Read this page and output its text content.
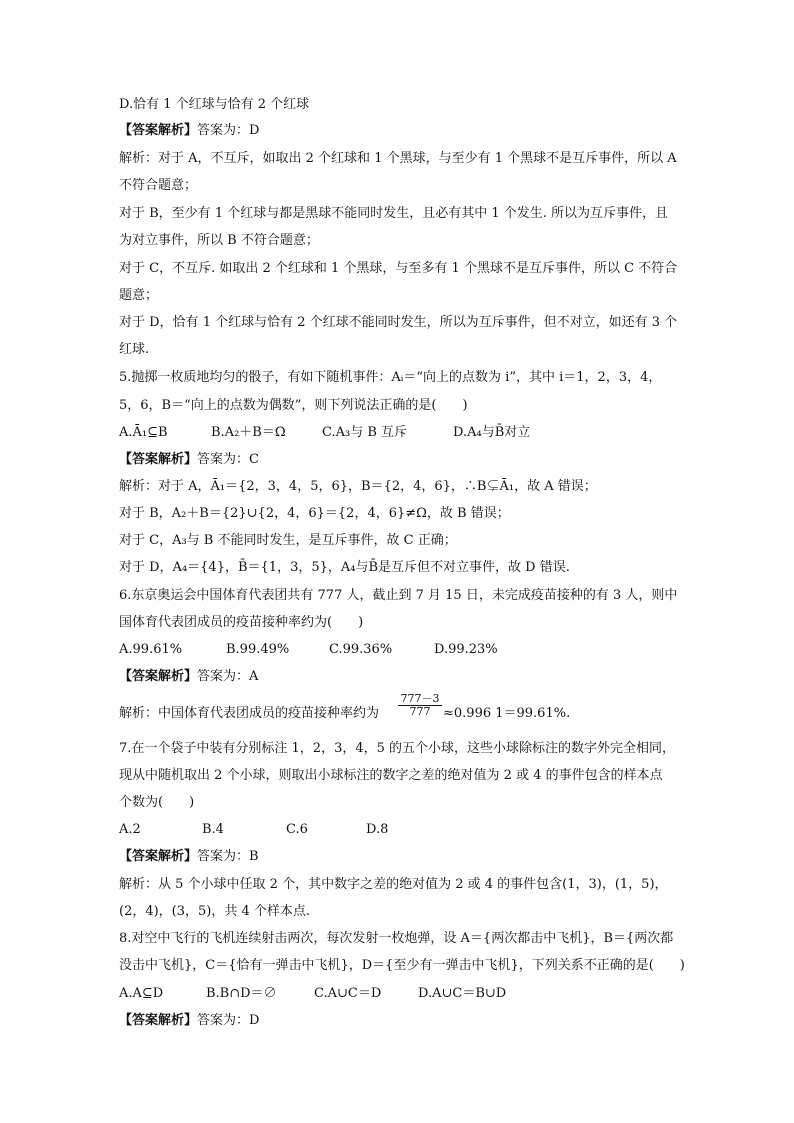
D.恰有 1 个红球与恰有 2 个红球
【答案解析】答案为：D
解析：对于 A，不互斥，如取出 2 个红球和 1 个黑球，与至少有 1 个黑球不是互斥事件，所以 A
不符合题意；
对于 B，至少有 1 个红球与都是黑球不能同时发生，且必有其中 1 个发生. 所以为互斥事件，且
为对立事件，所以 B 不符合题意；
对于 C，不互斥. 如取出 2 个红球和 1 个黑球，与至多有 1 个黑球不是互斥事件，所以 C 不符合
题意；
对于 D，恰有 1 个红球与恰有 2 个红球不能同时发生，所以为互斥事件，但不对立，如还有 3 个
红球.
5.抛掷一枚质地均匀的骰子，有如下随机事件：Aᵢ＝“向上的点数为 i”，其中 i＝1，2，3，4，
5，6，B＝“向上的点数为偶数”，则下列说法正确的是(　　)
A.Ā₁⊆B	B.A₂＋B＝Ω	C.A₃与 B 互斥	D.A₄与B̄对立
【答案解析】答案为：C
解析：对于 A，Ā₁＝{2，3，4，5，6}，B＝{2，4，6}，∴B⊊Ā₁，故 A 错误；
对于 B，A₂＋B＝{2}∪{2，4，6}＝{2，4，6}≠Ω，故 B 错误；
对于 C，A₃与 B 不能同时发生，是互斥事件，故 C 正确；
对于 D，A₄＝{4}，B̄＝{1，3，5}，A₄与B̄是互斥但不对立事件，故 D 错误.
6.东京奥运会中国体育代表团共有 777 人，截止到 7 月 15 日，未完成疫苗接种的有 3 人，则中
国体育代表团成员的疫苗接种率约为(　　)
A.99.61%	B.99.49%	C.99.36%	D.99.23%
【答案解析】答案为：A
解析：中国体育代表团成员的疫苗接种率约为 $\frac{777-3}{777} \approx 0.996$ 1＝99.61%.
7.在一个袋子中装有分别标注 1，2，3，4，5 的五个小球，这些小球除标注的数字外完全相同，
现从中随机取出 2 个小球，则取出小球标注的数字之差的绝对值为 2 或 4 的事件包含的样本点
个数为(　　)
A.2	B.4	C.6	D.8
【答案解析】答案为：B
解析：从 5 个小球中任取 2 个，其中数字之差的绝对值为 2 或 4 的事件包含(1，3)，(1，5)，
(2，4)，(3，5)，共 4 个样本点.
8.对空中飞行的飞机连续射击两次，每次发射一枚炮弹，设 A＝{两次都击中飞机}，B＝{两次都
没击中飞机}，C＝{恰有一弹击中飞机}，D＝{至少有一弹击中飞机}，下列关系不正确的是(　　)
A.A⊆D	B.B∩D＝∅	C.A∪C＝D	D.A∪C＝B∪D
【答案解析】答案为：D
